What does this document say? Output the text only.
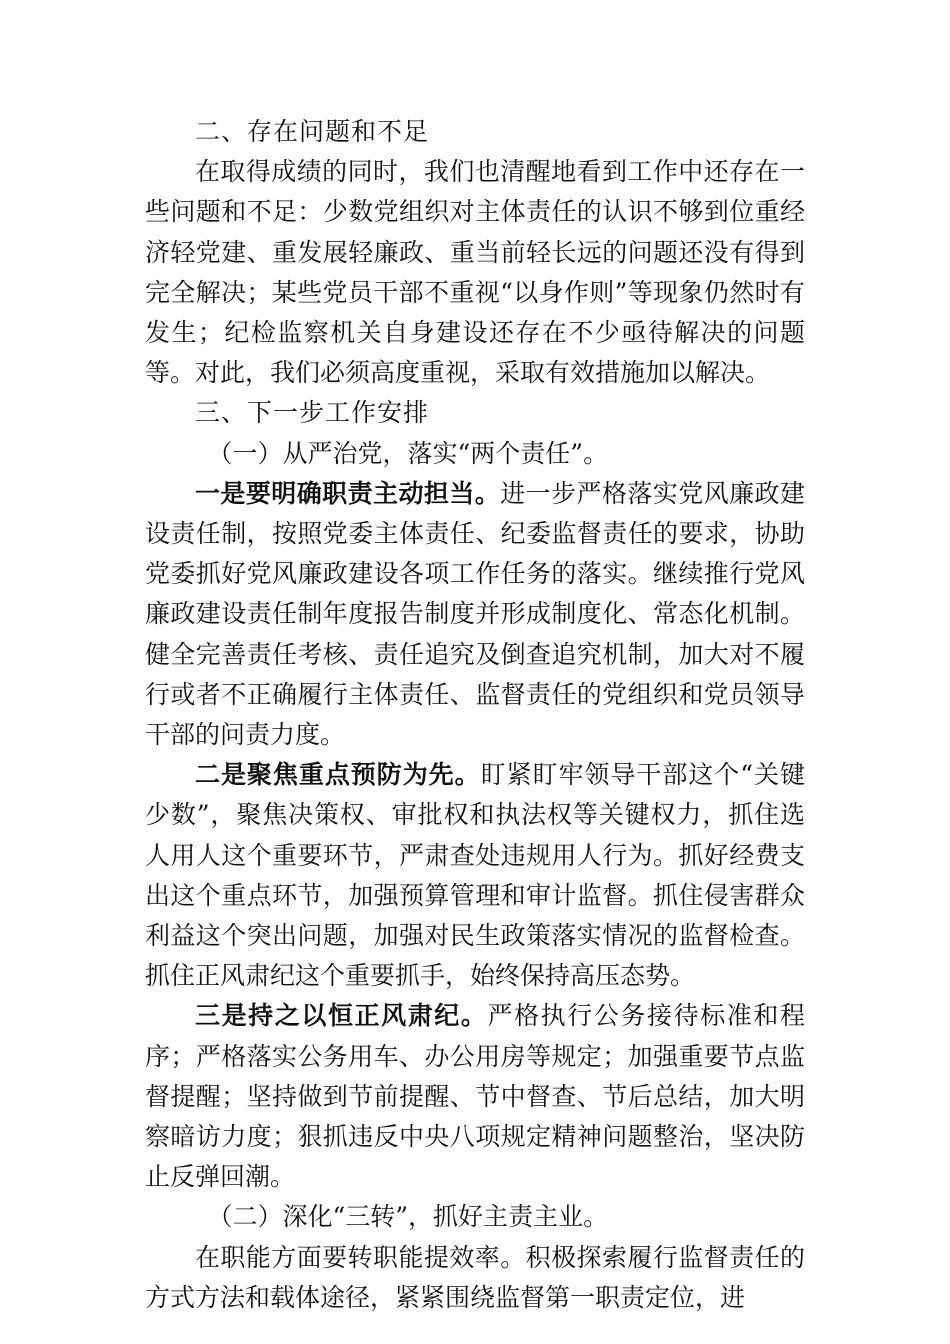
二、存在问题和不足

在取得成绩的同时，我们也清醒地看到工作中还存在一些问题和不足：少数党组织对主体责任的认识不够到位重经济轻党建、重发展轻廉政、重当前轻长远的问题还没有得到完全解决；某些党员干部不重视“以身作则”等现象仍然时有发生；纪检监察机关自身建设还存在不少亟待解决的问题等。对此，我们必须高度重视，采取有效措施加以解决。

三、下一步工作安排

（一）从严治党，落实“两个责任”。

一是要明确职责主动担当。进一步严格落实党风廉政建设责任制，按照党委主体责任、纪委监督责任的要求，协助党委抓好党风廉政建设各项工作任务的落实。继续推行党风廉政建设责任制年度报告制度并形成制度化、常态化机制。健全完善责任考核、责任追究及倒查追究机制，加大对不履行或者不正确履行主体责任、监督责任的党组织和党员领导干部的问责力度。

二是聚焦重点预防为先。盯紧盯牢领导干部这个“关键少数”，聚焦决策权、审批权和执法权等关键权力，抓住选人用人这个重要环节，严肃查处违规用人行为。抓好经费支出这个重点环节，加强预算管理和审计监督。抓住侵害群众利益这个突出问题，加强对民生政策落实情况的监督检查。抓住正风肃纪这个重要抓手，始终保持高压态势。

三是持之以恒正风肃纪。严格执行公务接待标准和程序；严格落实公务用车、办公用房等规定；加强重要节点监督提醒；坚持做到节前提醒、节中督查、节后总结，加大明察暗访力度；狠抓违反中央八项规定精神问题整治，坚决防止反弹回潮。

（二）深化“三转”，抓好主责主业。

在职能方面要转职能提效率。积极探索履行监督责任的方式方法和载体途径，紧紧围绕监督第一职责定位，进
